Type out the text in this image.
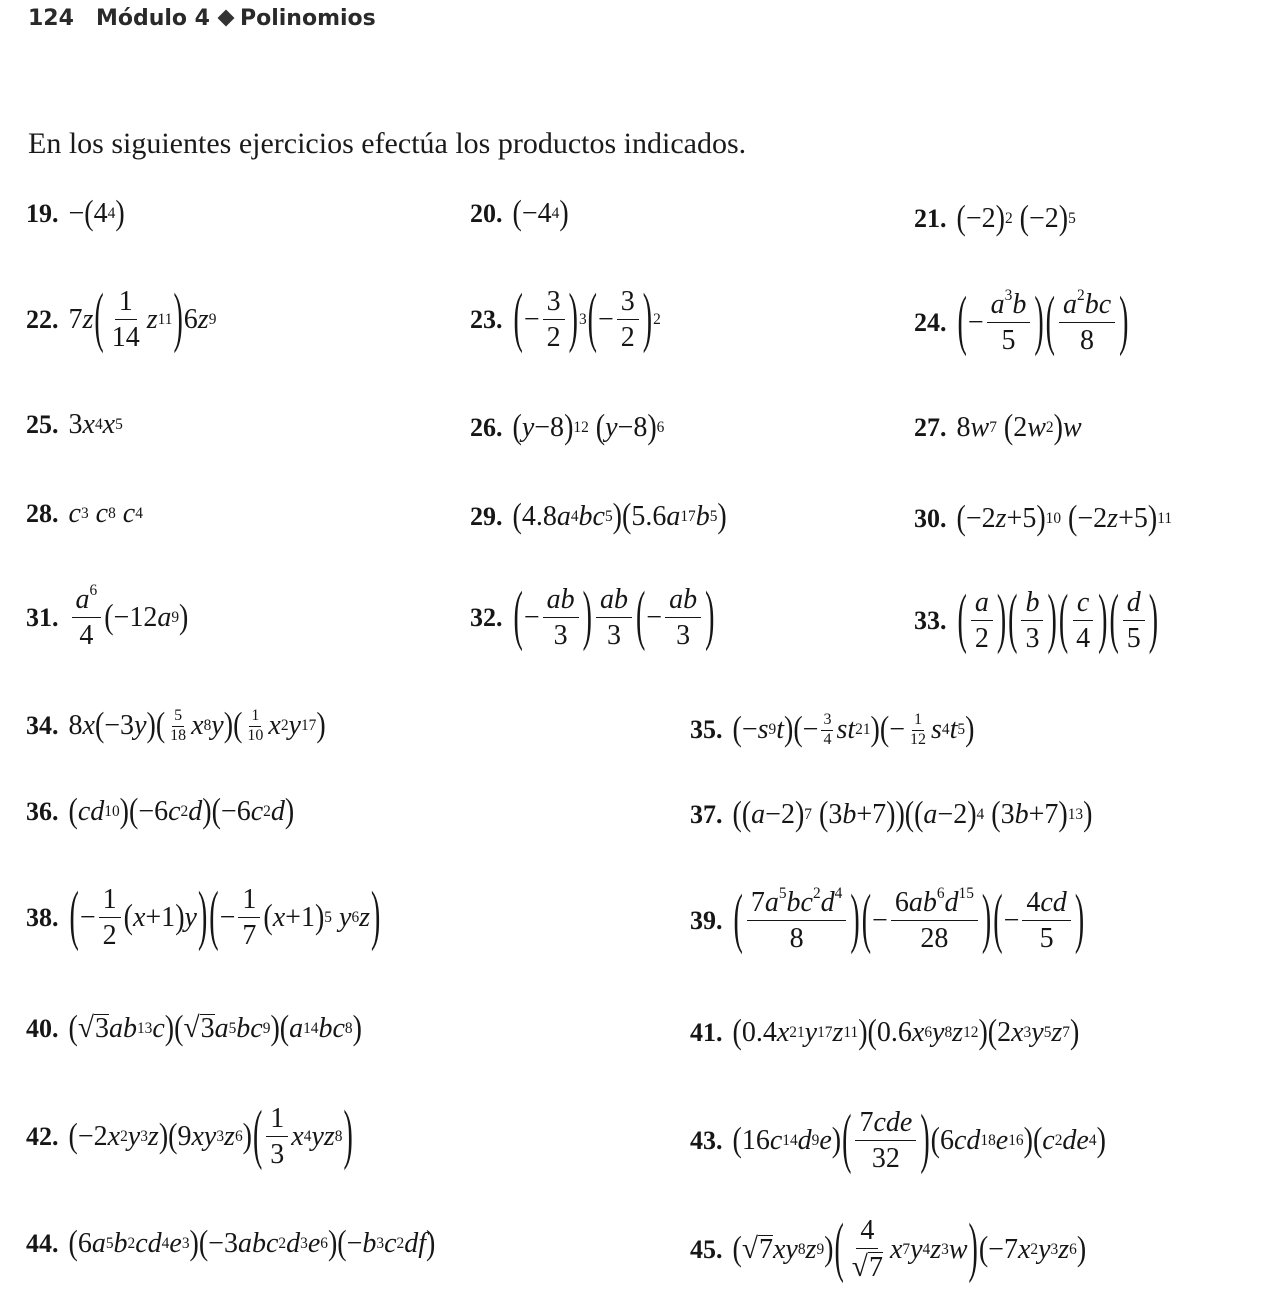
124 Módulo 4 Polinomios
En los siguientes ejercicios efectúa los productos indicados.
19. − ( 4 4 )	20. ( −4 4 )	21. ( −2 ) 2 ( −2 ) 5
22. 7 z ( $\frac{1}{14}$ z 11 ) 6 z 9	23. ( − $\frac{3}{2}$ ) 3 ( − $\frac{3}{2}$ ) 2	24. ( − $\frac{a^3b}{5}$ ) ( $\frac{a^2bc}{8}$ )
25. 3 x 4 x 5	26. ( y −8 ) 12 ( y −8 ) 6	27. 8 w 7 ( 2 w 2 ) w
28. c 3 c 8 c 4	29. ( 4.8 a 4 bc 5 ) ( 5.6 a 17 b 5 )	30. ( −2 z +5 ) 10 ( −2 z +5 ) 11
31. $\frac{a^6}{4}$ ( −12 a 9 )	32. ( − $\frac{ab}{3}$ ) $\frac{ab}{3}$ ( − $\frac{ab}{3}$ )	33. ( $\frac{a}{2}$ ) ( $\frac{b}{3}$ ) ( $\frac{c}{4}$ ) ( $\frac{d}{5}$ )
34. 8 x ( −3 y ) ( $\frac{5}{18}$ x 8 y ) ( $\frac{1}{10}$ x 2 y 17 )	35. ( − s 9 t ) ( − $\frac{3}{4}$ st 21 ) ( − $\frac{1}{12}$ s 4 t 5 )
36. ( cd 10 ) ( −6 c 2 d ) ( −6 c 2 d )	37. ( ( a −2 ) 7 ( 3 b +7 ) ) ( ( a −2 ) 4 ( 3 b +7 ) 13 )
38. ( − $\frac{1}{2}$ ( x +1 ) y ) ( − $\frac{1}{7}$ ( x +1 ) 5 y 6 z )	39. ( $\frac{7a^5bc^2d^4}{8}$ ) ( − $\frac{6ab^6d^{15}}{28}$ ) ( − $\frac{4cd}{5}$ )
40. ( √ 3 ab 13 c ) ( √ 3 a 5 bc 9 ) ( a 14 bc 8 )	41. ( 0.4 x 21 y 17 z 11 ) ( 0.6 x 6 y 8 z 12 ) ( 2 x 3 y 5 z 7 )
42. ( −2 x 2 y 3 z ) ( 9 xy 3 z 6 ) ( $\frac{1}{3}$ x 4 yz 8 )	43. ( 16 c 14 d 9 e ) ( $\frac{\text{7cde}}{32}$ ) ( 6 cd 18 e 16 ) ( c 2 de 4 )
44. ( 6 a 5 b 2 cd 4 e 3 ) ( −3 abc 2 d 3 e 6 ) ( − b 3 c 2 df )	45. ( √ 7 xy 8 z 9 ) ( $\frac{4}{√ 7}$ x 7 y 4 z 3 w ) ( −7 x 2 y 3 z 6 )
